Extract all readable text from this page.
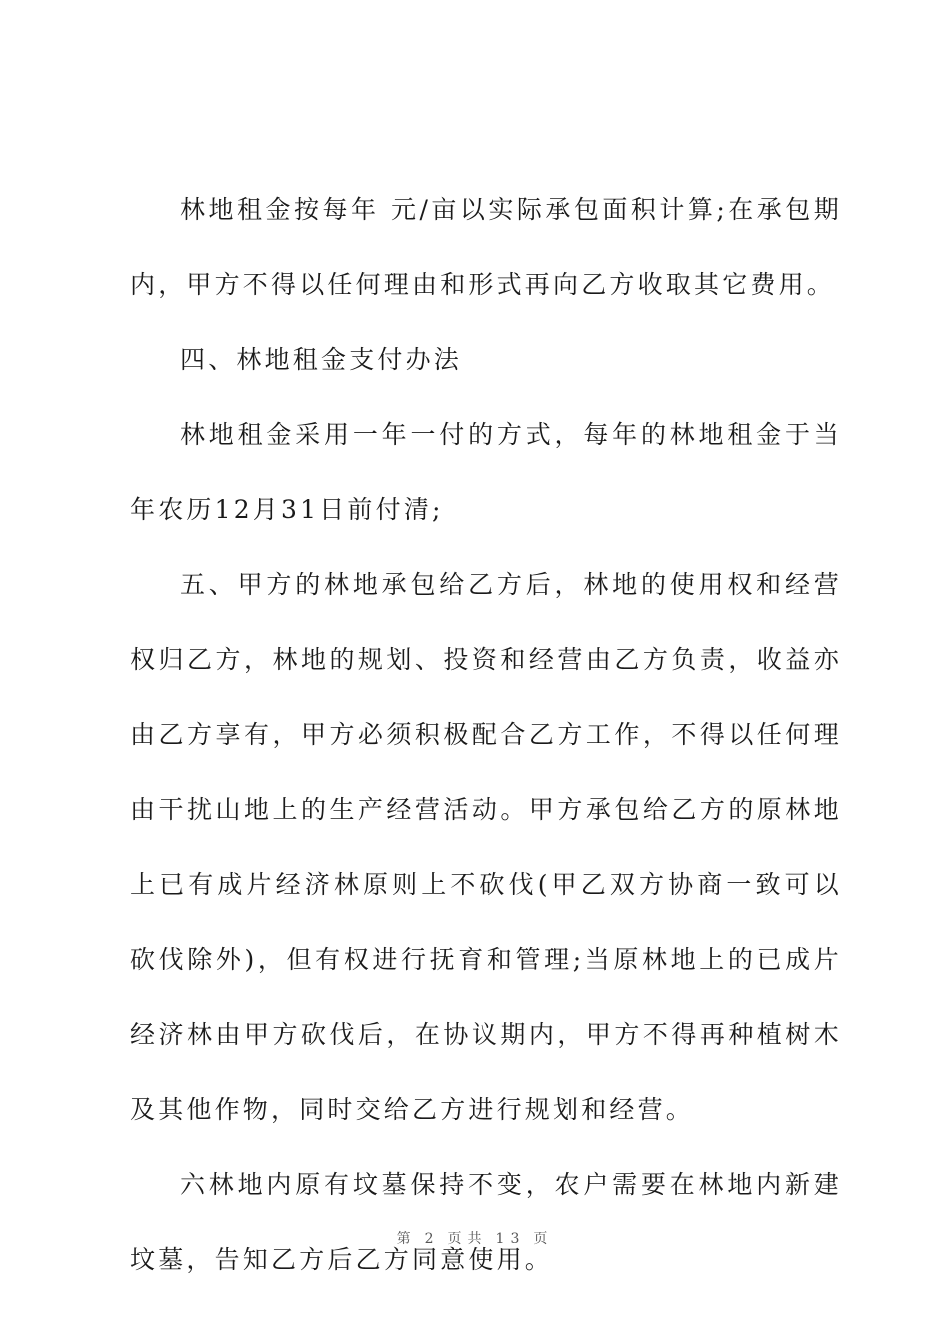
林地租金按每年 元/亩以实际承包面积计算;在承包期内，甲方不得以任何理由和形式再向乙方收取其它费用。

四、林地租金支付办法

林地租金采用一年一付的方式，每年的林地租金于当年农历12月31日前付清;

五、甲方的林地承包给乙方后，林地的使用权和经营权归乙方，林地的规划、投资和经营由乙方负责，收益亦由乙方享有，甲方必须积极配合乙方工作，不得以任何理由干扰山地上的生产经营活动。甲方承包给乙方的原林地上已有成片经济林原则上不砍伐(甲乙双方协商一致可以砍伐除外)，但有权进行抚育和管理;当原林地上的已成片经济林由甲方砍伐后，在协议期内，甲方不得再种植树木及其他作物，同时交给乙方进行规划和经营。

六林地内原有坟墓保持不变，农户需要在林地内新建坟墓，告知乙方后乙方同意使用。

第 2 页共 13 页
